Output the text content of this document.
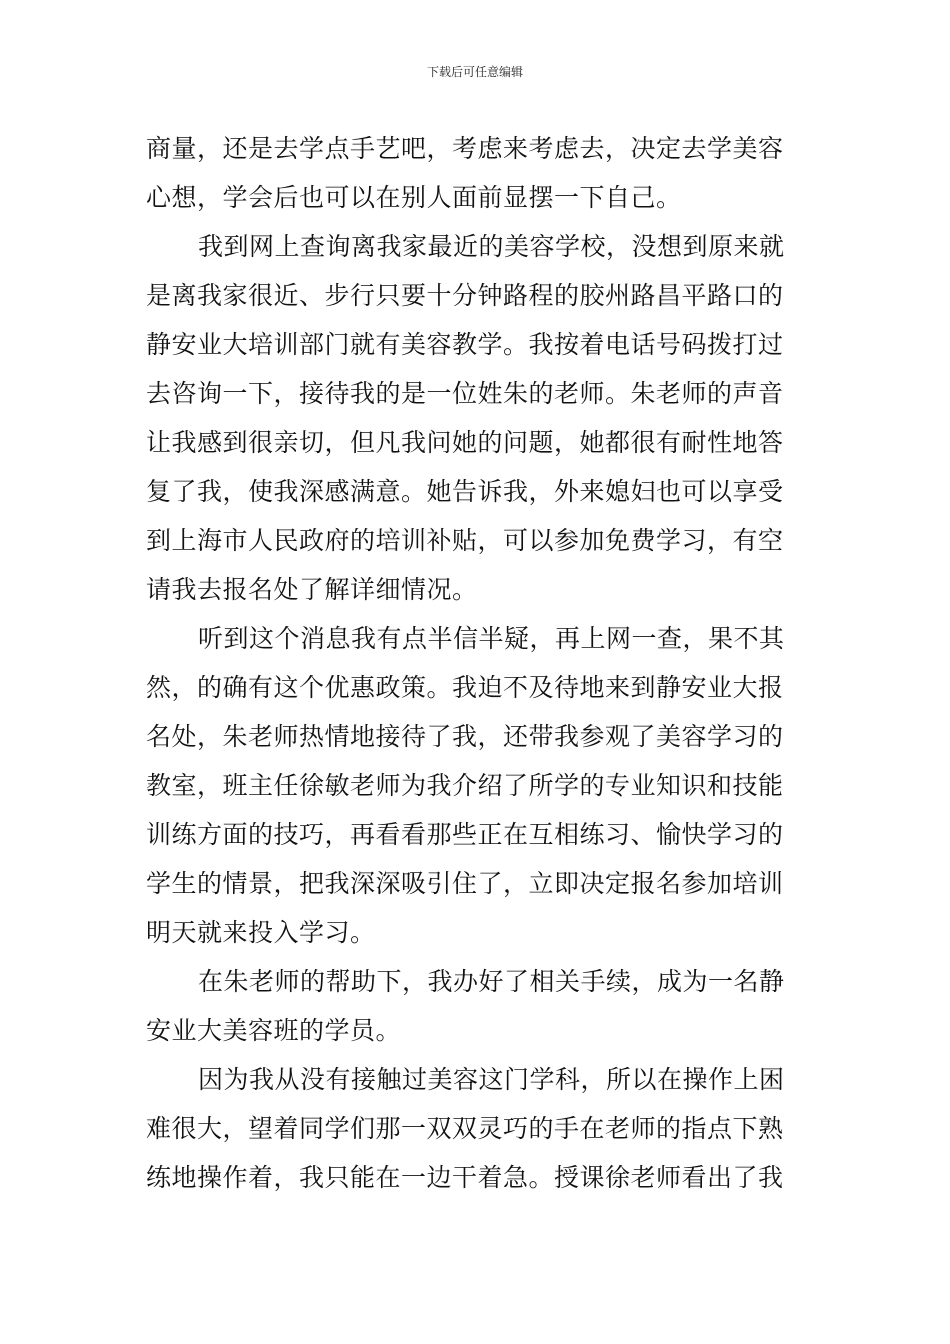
下载后可任意编辑
商量，还是去学点手艺吧，考虑来考虑去，决定去学美容
心想，学会后也可以在别人面前显摆一下自己。
我到网上查询离我家最近的美容学校，没想到原来就
是离我家很近、步行只要十分钟路程的胶州路昌平路口的
静安业大培训部门就有美容教学。我按着电话号码拨打过
去咨询一下，接待我的是一位姓朱的老师。朱老师的声音
让我感到很亲切，但凡我问她的问题，她都很有耐性地答
复了我，使我深感满意。她告诉我，外来媳妇也可以享受
到上海市人民政府的培训补贴，可以参加免费学习，有空
请我去报名处了解详细情况。
听到这个消息我有点半信半疑，再上网一查，果不其
然，的确有这个优惠政策。我迫不及待地来到静安业大报
名处，朱老师热情地接待了我，还带我参观了美容学习的
教室，班主任徐敏老师为我介绍了所学的专业知识和技能
训练方面的技巧，再看看那些正在互相练习、愉快学习的
学生的情景，把我深深吸引住了，立即决定报名参加培训
明天就来投入学习。
在朱老师的帮助下，我办好了相关手续，成为一名静
安业大美容班的学员。
因为我从没有接触过美容这门学科，所以在操作上困
难很大，望着同学们那一双双灵巧的手在老师的指点下熟
练地操作着，我只能在一边干着急。授课徐老师看出了我
